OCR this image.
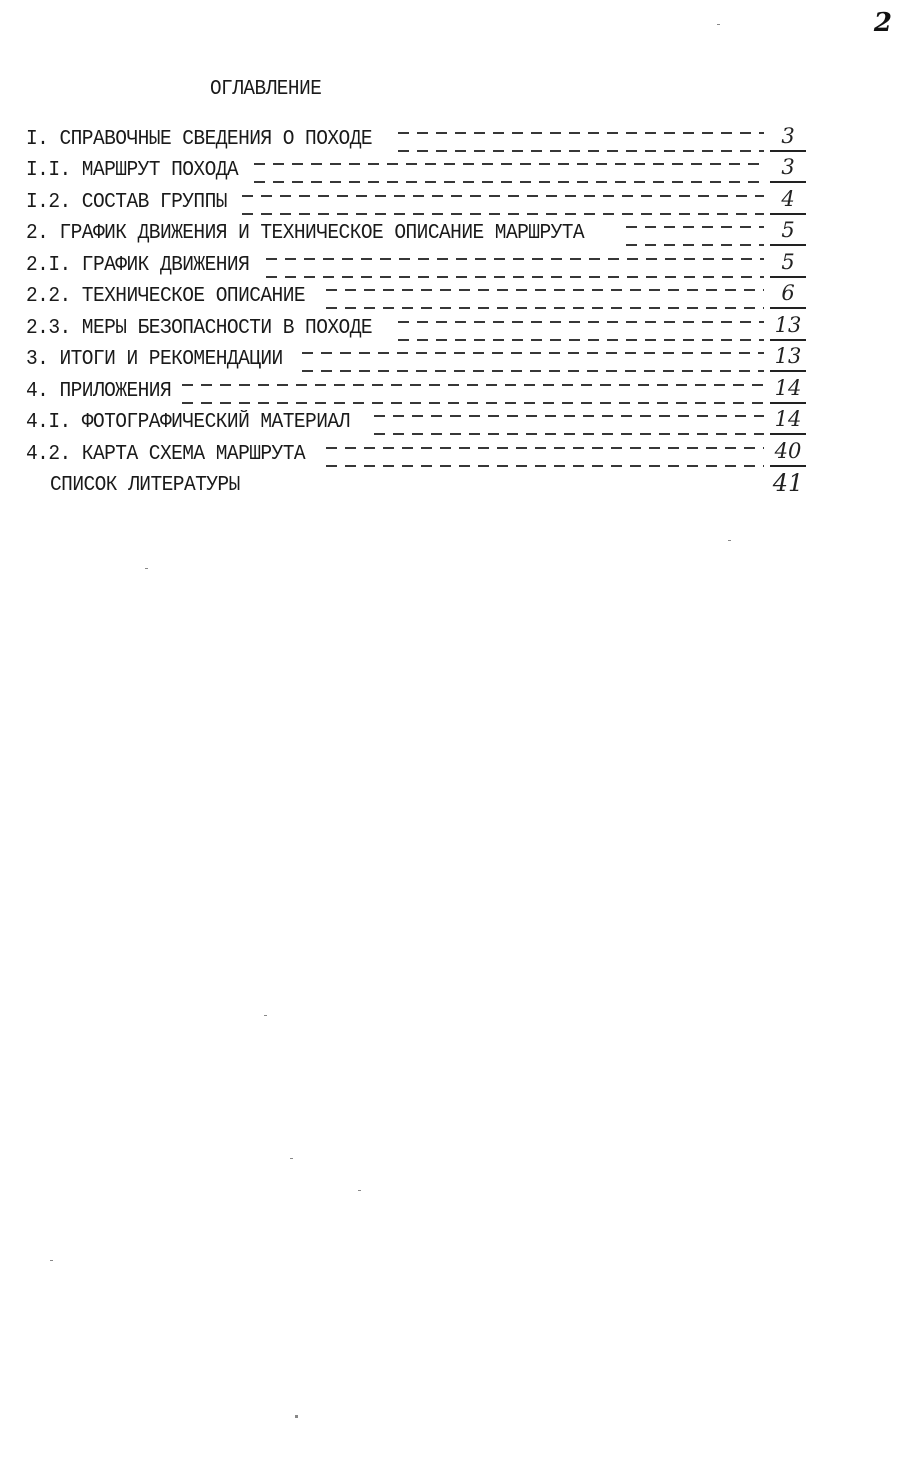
2
ОГЛАВЛЕНИЕ
I. СПРАВОЧНЫЕ СВЕДЕНИЯ О ПОХОДЕ	3
I.I. МАРШРУТ ПОХОДА	3
I.2. СОСТАВ ГРУППЫ	4
2. ГРАФИК ДВИЖЕНИЯ И ТЕХНИЧЕСКОЕ ОПИСАНИЕ МАРШРУТА	5
2.I. ГРАФИК ДВИЖЕНИЯ	5
2.2. ТЕХНИЧЕСКОЕ ОПИСАНИЕ	6
2.3. МЕРЫ БЕЗОПАСНОСТИ В ПОХОДЕ	13
3. ИТОГИ И РЕКОМЕНДАЦИИ	13
4. ПРИЛОЖЕНИЯ	14
4.I. ФОТОГРАФИЧЕСКИЙ МАТЕРИАЛ	14
4.2. КАРТА СХЕМА МАРШРУТА	40
СПИСОК ЛИТЕРАТУРЫ	41
